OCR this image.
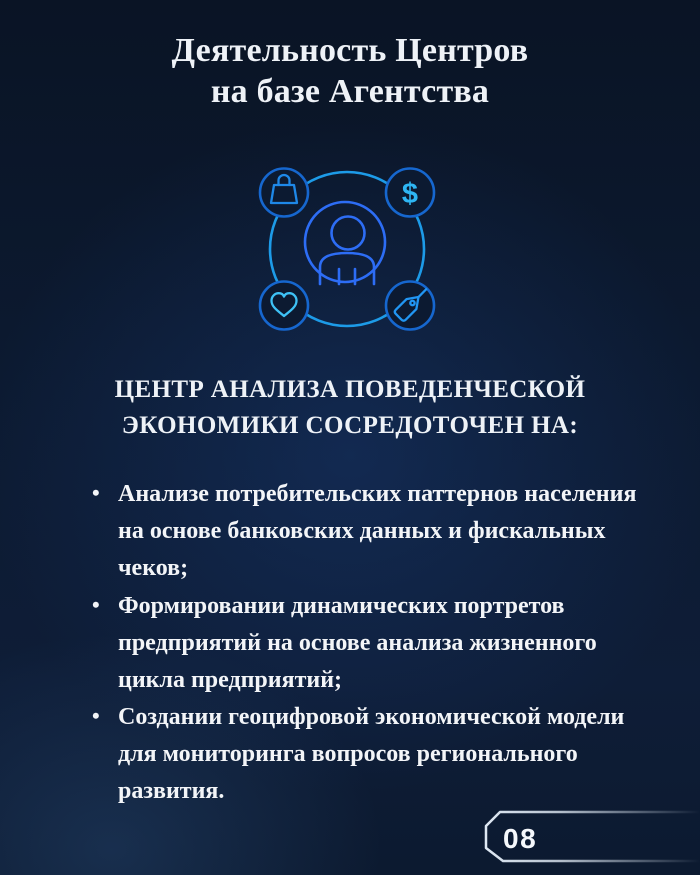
Деятельность Центров
на базе Агентства
$
ЦЕНТР АНАЛИЗА ПОВЕДЕНЧЕСКОЙ
ЭКОНОМИКИ СОСРЕДОТОЧЕН НА:
• Анализе потребительских паттернов населения на основе банковских данных и фискальных чеков;
• Формировании динамических портретов предприятий на основе анализа жизненного цикла предприятий;
• Создании геоцифровой экономической модели для мониторинга вопросов регионального развития.
08
